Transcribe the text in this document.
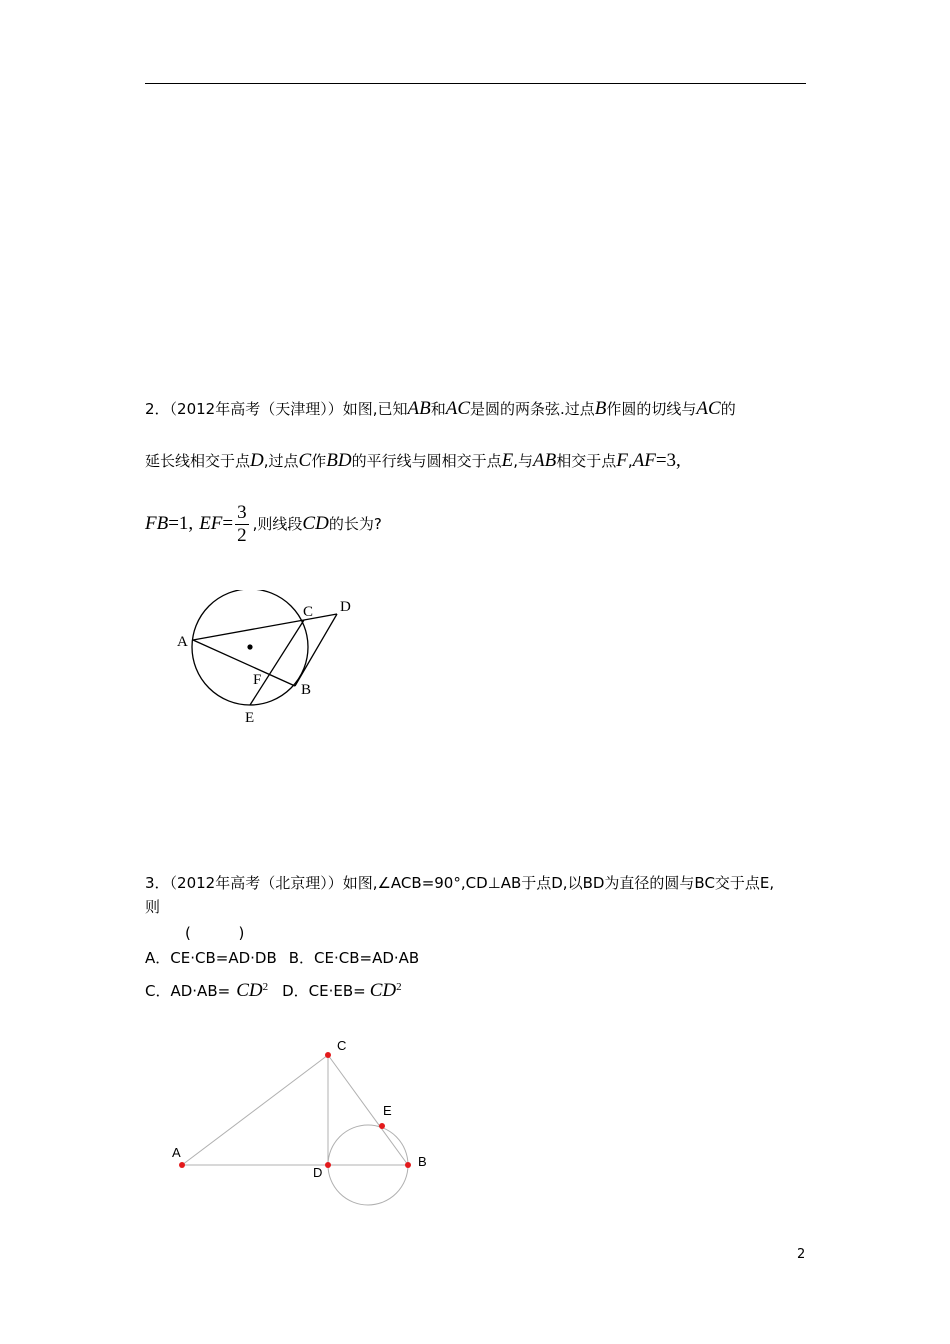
2．（2012年高考（天津理））如图,已知AB和AC是圆的两条弦.过点B作圆的切线与AC的
延长线相交于点D,过点C作BD的平行线与圆相交于点E,与AB相交于点F,AF=3,
FB=1, $EF= \frac{3}{2}$ ,则线段CD的长为?
A
B
C D
E
F
3．（2012年高考（北京理））如图,∠ACB=90°,CD⊥AB于点D,以BD为直径的圆与BC交于点E,
则
(          )
A．CE·CB=AD·DB B．CE·CB=AD·AB
C．$AD\cdot AB= CD^2$ D．$CE\cdot EB= CD^2$
A
B
C
D
E
2
